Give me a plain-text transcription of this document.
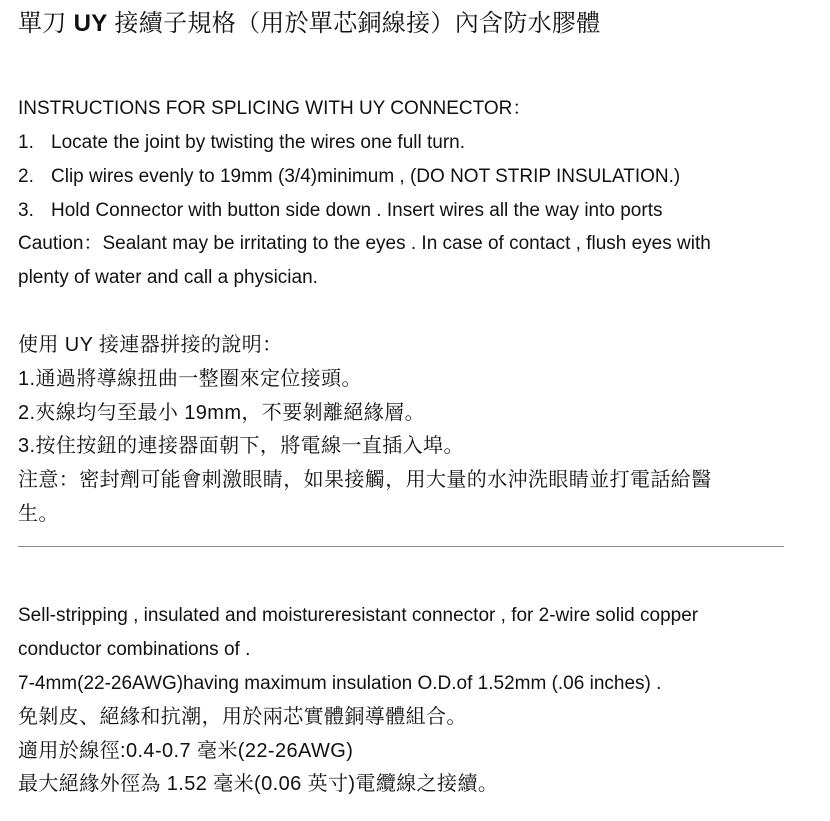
單刀 UY 接續子規格（用於單芯銅線接）內含防水膠體
INSTRUCTIONS FOR SPLICING WITH UY CONNECTOR：
1. Locate the joint by twisting the wires one full turn.
2. Clip wires evenly to 19mm (3/4)minimum , (DO NOT STRIP INSULATION.)
3. Hold Connector with button side down . Insert wires all the way into ports
Caution：Sealant may be irritating to the eyes . In case of contact , flush eyes with
plenty of water and call a physician.
使用 UY 接連器拼接的說明：
1.通過將導線扭曲一整圈來定位接頭。
2.夾線均勻至最小 19mm，不要剝離絕緣層。
3.按住按鈕的連接器面朝下，將電線一直插入埠。
注意：密封劑可能會刺激眼睛，如果接觸，用大量的水沖洗眼睛並打電話給醫
生。
Sell-stripping , insulated and moistureresistant connector , for 2-wire solid copper
conductor combinations of .
7-4mm(22-26AWG)having maximum insulation O.D.of 1.52mm (.06 inches) .
免剝皮、絕緣和抗潮，用於兩芯實體銅導體組合。
適用於線徑:0.4-0.7 毫米(22-26AWG)
最大絕緣外徑為 1.52 毫米(0.06 英寸)電纜線之接續。
